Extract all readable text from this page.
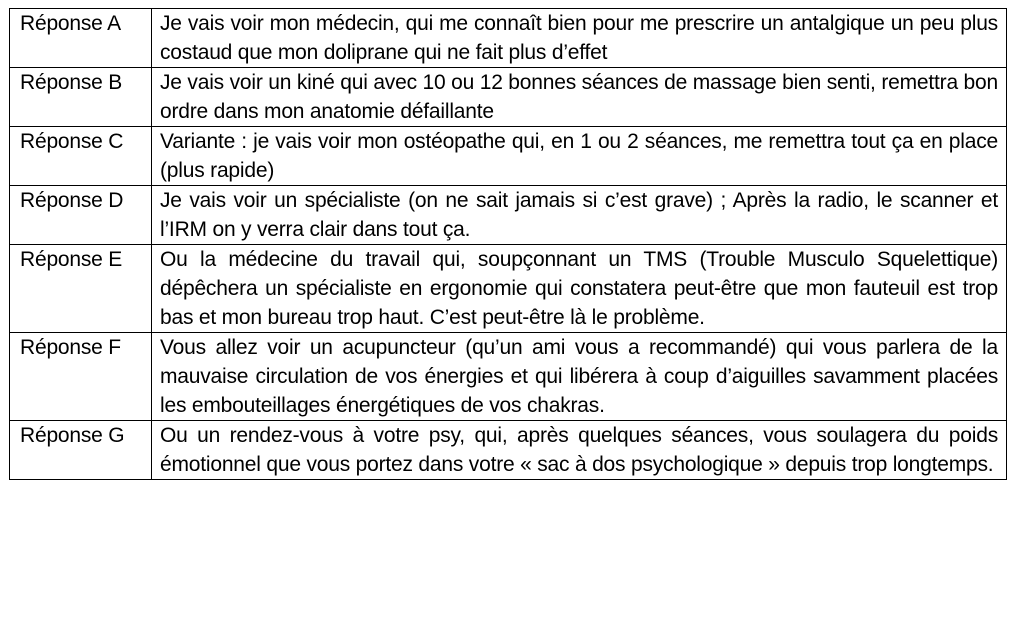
Réponse A	Je vais voir mon médecin, qui me connaît bien pour me prescrire un antalgique un peu plus costaud que mon doliprane qui ne fait plus d’effet
Réponse B	Je vais voir un kiné qui avec 10 ou 12 bonnes séances de massage bien senti, remettra bon ordre dans mon anatomie défaillante
Réponse C	Variante : je vais voir mon ostéopathe qui, en 1 ou 2 séances, me remettra tout ça en place (plus rapide)
Réponse D	Je vais voir un spécialiste (on ne sait jamais si c’est grave) ; Après la radio, le scanner et l’IRM on y verra clair dans tout ça.
Réponse E	Ou la médecine du travail qui, soupçonnant un TMS (Trouble Musculo Squelettique) dépêchera un spécialiste en ergonomie qui constatera peut-être que mon fauteuil est trop bas et mon bureau trop haut. C’est peut-être là le problème.
Réponse F	Vous allez voir un acupuncteur (qu’un ami vous a recommandé) qui vous parlera de la mauvaise circulation de vos énergies et qui libérera à coup d’aiguilles savamment placées les embouteillages énergétiques de vos chakras.
Réponse G	Ou un rendez-vous à votre psy, qui, après quelques séances, vous soulagera du poids émotionnel que vous portez dans votre « sac à dos psychologique » depuis trop longtemps.
